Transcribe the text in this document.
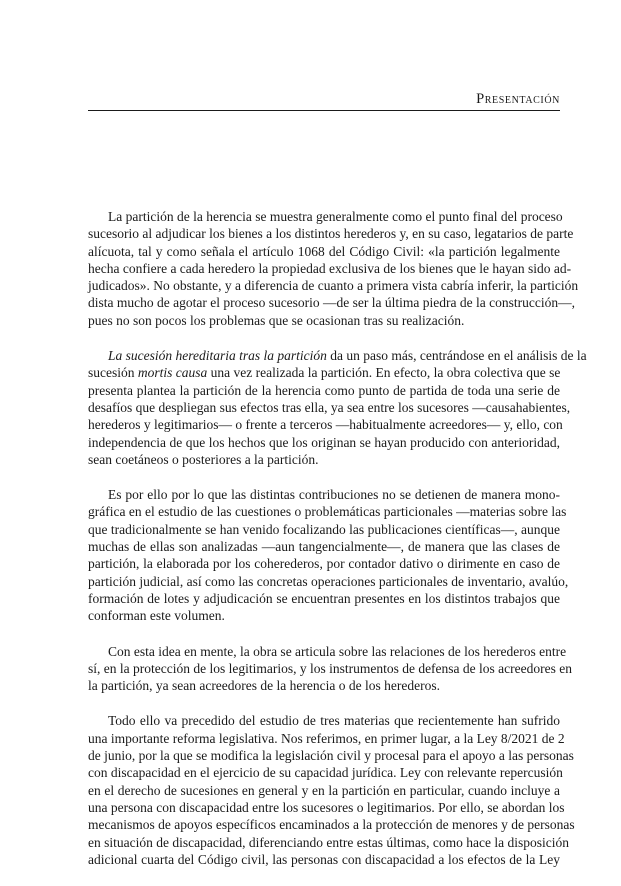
Presentación
La partición de la herencia se muestra generalmente como el punto final del proceso
sucesorio al adjudicar los bienes a los distintos herederos y, en su caso, legatarios de parte
alícuota, tal y como señala el artículo 1068 del Código Civil: «la partición legalmente
hecha confiere a cada heredero la propiedad exclusiva de los bienes que le hayan sido ad-
judicados». No obstante, y a diferencia de cuanto a primera vista cabría inferir, la partición
dista mucho de agotar el proceso sucesorio —de ser la última piedra de la construcción—,
pues no son pocos los problemas que se ocasionan tras su realización.
La sucesión hereditaria tras la partición da un paso más, centrándose en el análisis de la
sucesión mortis causa una vez realizada la partición. En efecto, la obra colectiva que se
presenta plantea la partición de la herencia como punto de partida de toda una serie de
desafíos que despliegan sus efectos tras ella, ya sea entre los sucesores —causahabientes,
herederos y legitimarios— o frente a terceros —habitualmente acreedores— y, ello, con
independencia de que los hechos que los originan se hayan producido con anterioridad,
sean coetáneos o posteriores a la partición.
Es por ello por lo que las distintas contribuciones no se detienen de manera mono-
gráfica en el estudio de las cuestiones o problemáticas particionales —materias sobre las
que tradicionalmente se han venido focalizando las publicaciones científicas—, aunque
muchas de ellas son analizadas —aun tangencialmente—, de manera que las clases de
partición, la elaborada por los coherederos, por contador dativo o dirimente en caso de
partición judicial, así como las concretas operaciones particionales de inventario, avalúo,
formación de lotes y adjudicación se encuentran presentes en los distintos trabajos que
conforman este volumen.
Con esta idea en mente, la obra se articula sobre las relaciones de los herederos entre
sí, en la protección de los legitimarios, y los instrumentos de defensa de los acreedores en
la partición, ya sean acreedores de la herencia o de los herederos.
Todo ello va precedido del estudio de tres materias que recientemente han sufrido
una importante reforma legislativa. Nos referimos, en primer lugar, a la Ley 8/2021 de 2
de junio, por la que se modifica la legislación civil y procesal para el apoyo a las personas
con discapacidad en el ejercicio de su capacidad jurídica. Ley con relevante repercusión
en el derecho de sucesiones en general y en la partición en particular, cuando incluye a
una persona con discapacidad entre los sucesores o legitimarios. Por ello, se abordan los
mecanismos de apoyos específicos encaminados a la protección de menores y de personas
en situación de discapacidad, diferenciando entre estas últimas, como hace la disposición
adicional cuarta del Código civil, las personas con discapacidad a los efectos de la Ley
